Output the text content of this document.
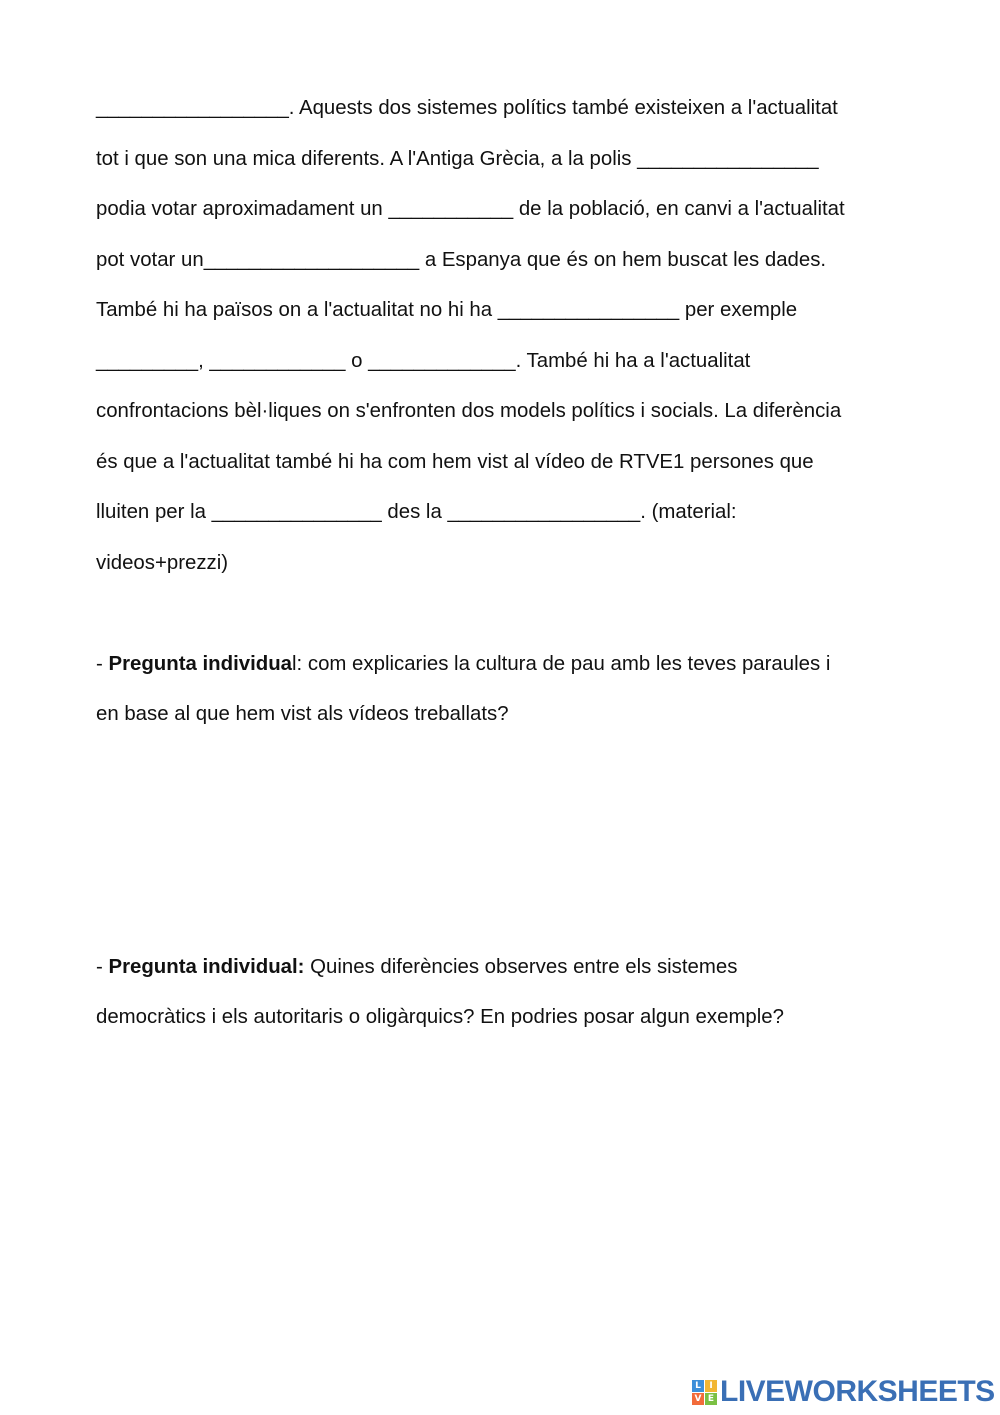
_________________. Aquests dos sistemes polítics també existeixen a l'actualitat
tot i que son una mica diferents. A l'Antiga Grècia, a la polis ________________
podia votar aproximadament un ___________ de la població, en canvi a l'actualitat
pot votar un___________________ a Espanya que és on hem buscat les dades.
També hi ha països on a l'actualitat no hi ha ________________ per exemple
_________, ____________ o _____________. També hi ha a l'actualitat
confrontacions bèl·liques on s'enfronten dos models polítics i socials. La diferència
és que a l'actualitat també hi ha com hem vist al vídeo de RTVE1 persones que
lluiten per la _______________ des la _________________. (material:
videos+prezzi)
- Pregunta individual: com explicaries la cultura de pau amb les teves paraules i
en base al que hem vist als vídeos treballats?
- Pregunta individual: Quines diferències observes entre els sistemes
democràtics i els autoritaris o oligàrquics? En podries posar algun exemple?
L I
V E LIVEWORKSHEETS
